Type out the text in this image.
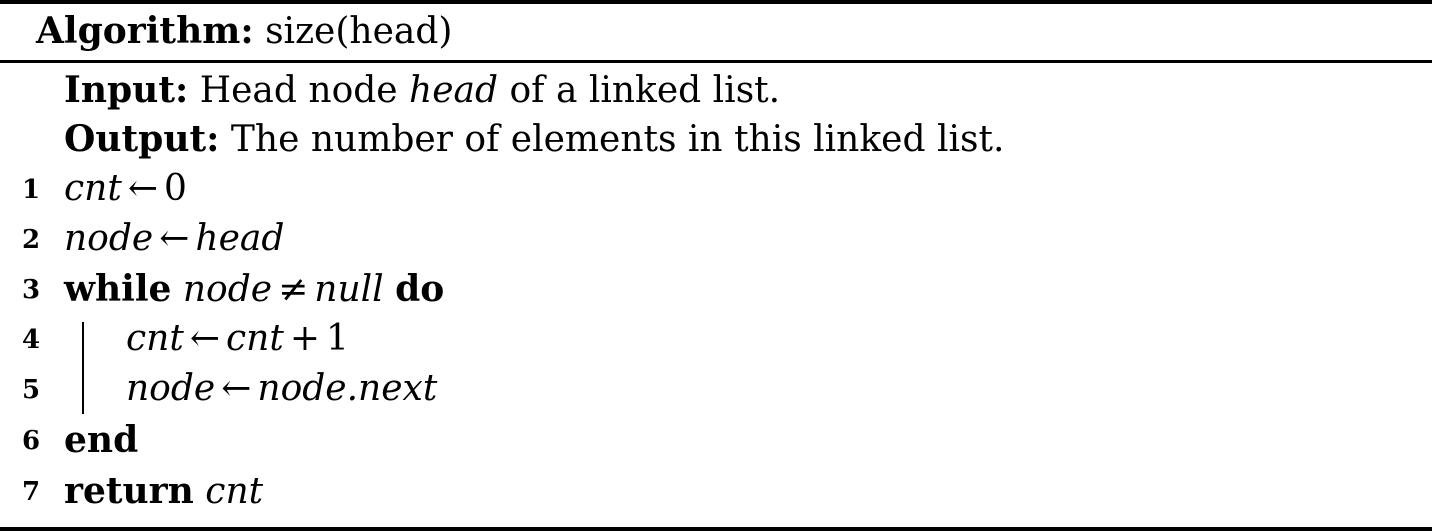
Algorithm: size(head)
Input: Head node head of a linked list.
Output: The number of elements in this linked list.
1 cnt ← 0
2 node ← head
3 while node ≠ null do
4 cnt ← cnt + 1
5 node ← node.next
6 end
7 return cnt
